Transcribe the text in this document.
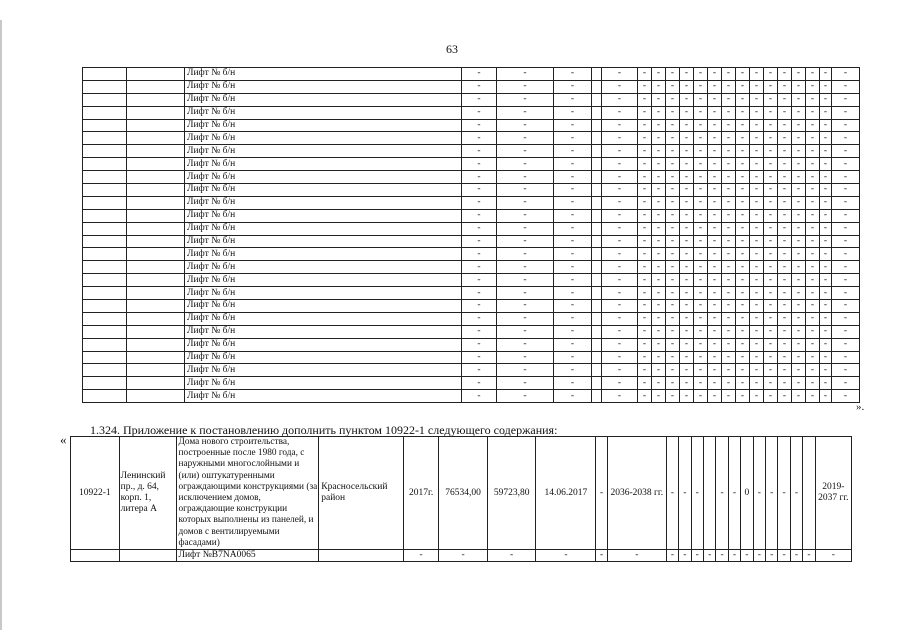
63
		Лифт № б/н	-	-	-		-	-	-	-	-	-	-	-	-	-	-	-	-	-	-	-
		Лифт № б/н	-	-	-		-	-	-	-	-	-	-	-	-	-	-	-	-	-	-	-
		Лифт № б/н	-	-	-		-	-	-	-	-	-	-	-	-	-	-	-	-	-	-	-
		Лифт № б/н	-	-	-		-	-	-	-	-	-	-	-	-	-	-	-	-	-	-	-
		Лифт № б/н	-	-	-		-	-	-	-	-	-	-	-	-	-	-	-	-	-	-	-
		Лифт № б/н	-	-	-		-	-	-	-	-	-	-	-	-	-	-	-	-	-	-	-
		Лифт № б/н	-	-	-		-	-	-	-	-	-	-	-	-	-	-	-	-	-	-	-
		Лифт № б/н	-	-	-		-	-	-	-	-	-	-	-	-	-	-	-	-	-	-	-
		Лифт № б/н	-	-	-		-	-	-	-	-	-	-	-	-	-	-	-	-	-	-	-
		Лифт № б/н	-	-	-		-	-	-	-	-	-	-	-	-	-	-	-	-	-	-	-
		Лифт № б/н	-	-	-		-	-	-	-	-	-	-	-	-	-	-	-	-	-	-	-
		Лифт № б/н	-	-	-		-	-	-	-	-	-	-	-	-	-	-	-	-	-	-	-
		Лифт № б/н	-	-	-		-	-	-	-	-	-	-	-	-	-	-	-	-	-	-	-
		Лифт № б/н	-	-	-		-	-	-	-	-	-	-	-	-	-	-	-	-	-	-	-
		Лифт № б/н	-	-	-		-	-	-	-	-	-	-	-	-	-	-	-	-	-	-	-
		Лифт № б/н	-	-	-		-	-	-	-	-	-	-	-	-	-	-	-	-	-	-	-
		Лифт № б/н	-	-	-		-	-	-	-	-	-	-	-	-	-	-	-	-	-	-	-
		Лифт № б/н	-	-	-		-	-	-	-	-	-	-	-	-	-	-	-	-	-	-	-
		Лифт № б/н	-	-	-		-	-	-	-	-	-	-	-	-	-	-	-	-	-	-	-
		Лифт № б/н	-	-	-		-	-	-	-	-	-	-	-	-	-	-	-	-	-	-	-
		Лифт № б/н	-	-	-		-	-	-	-	-	-	-	-	-	-	-	-	-	-	-	-
		Лифт № б/н	-	-	-		-	-	-	-	-	-	-	-	-	-	-	-	-	-	-	-
		Лифт № б/н	-	-	-		-	-	-	-	-	-	-	-	-	-	-	-	-	-	-	-
		Лифт № б/н	-	-	-		-	-	-	-	-	-	-	-	-	-	-	-	-	-	-	-
		Лифт № б/н	-	-	-		-	-	-	-	-	-	-	-	-	-	-	-	-	-	-	-
		Лифт № б/н	-	-	-		-	-	-	-	-	-	-	-	-	-	-	-	-	-	-	-
».
1.324. Приложение к постановлению дополнить пунктом 10922-1 следующего содержания:
«
10922-1	Ленинский пр., д. 64, корп. 1, литера А	Дома нового строительства, построенные после 1980 года, с наружными многослойными и (или) оштукатуренными ограждающими конструкциями (за исключением домов, ограждающие конструкции которых выполнены из панелей, и домов с вентилируемыми фасадами)	Красносельский район	2017г.	76534,00	59723,80	14.06.2017	-	2036-2038 гг.	-	-	-		-	-	0	-	-	-	-		2019-2037 гг.
		Лифт №B7NA0065		-	-	-	-	-	-	-	-	-	-	-	-	-	-	-	-	-	-	-
